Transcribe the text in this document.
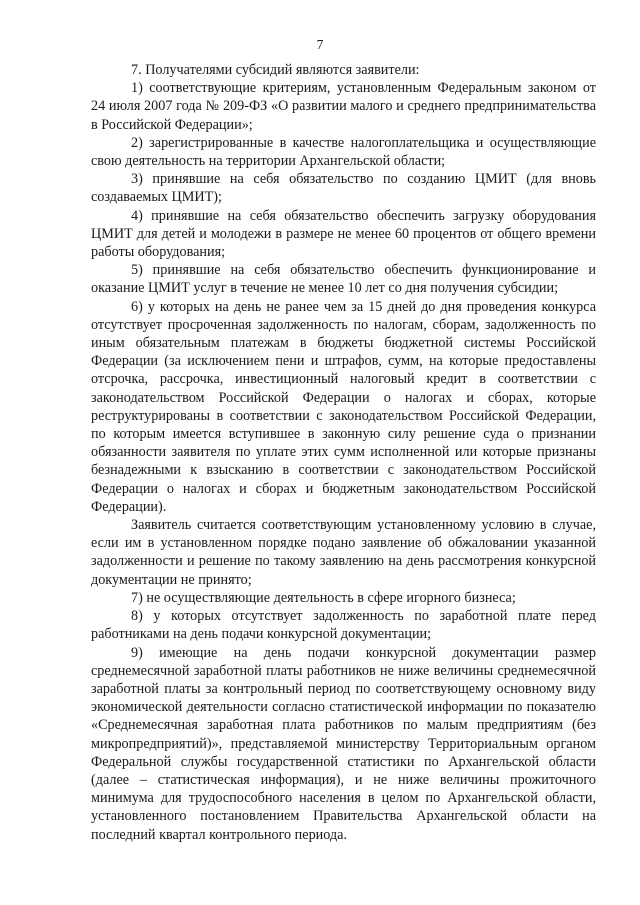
7

7. Получателями субсидий являются заявители:

1) соответствующие критериям, установленным Федеральным законом от 24 июля 2007 года № 209-ФЗ «О развитии малого и среднего предпринимательства в Российской Федерации»;

2) зарегистрированные в качестве налогоплательщика и осуществляющие свою деятельность на территории Архангельской области;

3) принявшие на себя обязательство по созданию ЦМИТ (для вновь создаваемых ЦМИТ);

4) принявшие на себя обязательство обеспечить загрузку оборудования ЦМИТ для детей и молодежи в размере не менее 60 процентов от общего времени работы оборудования;

5) принявшие на себя обязательство обеспечить функционирование и оказание ЦМИТ услуг в течение не менее 10 лет со дня получения субсидии;

6) у которых на день не ранее чем за 15 дней до дня проведения конкурса отсутствует просроченная задолженность по налогам, сборам, задолженность по иным обязательным платежам в бюджеты бюджетной системы Российской Федерации (за исключением пени и штрафов, сумм, на которые предоставлены отсрочка, рассрочка, инвестиционный налоговый кредит в соответствии с законодательством Российской Федерации о налогах и сборах, которые реструктурированы в соответствии с законодательством Российской Федерации, по которым имеется вступившее в законную силу решение суда о признании обязанности заявителя по уплате этих сумм исполненной или которые признаны безнадежными к взысканию в соответствии с законодательством Российской Федерации о налогах и сборах и бюджетным законодательством Российской Федерации).

Заявитель считается соответствующим установленному условию в случае, если им в установленном порядке подано заявление об обжаловании указанной задолженности и решение по такому заявлению на день рассмотрения конкурсной документации не принято;

7) не осуществляющие деятельность в сфере игорного бизнеса;

8) у которых отсутствует задолженность по заработной плате перед работниками на день подачи конкурсной документации;

9) имеющие на день подачи конкурсной документации размер среднемесячной заработной платы работников не ниже величины среднемесячной заработной платы за контрольный период по соответствующему основному виду экономической деятельности согласно статистической информации по показателю «Среднемесячная заработная плата работников по малым предприятиям (без микропредприятий)», представляемой министерству Территориальным органом Федеральной службы государственной статистики по Архангельской области (далее – статистическая информация), и не ниже величины прожиточного минимума для трудоспособного населения в целом по Архангельской области, установленного постановлением Правительства Архангельской области на последний квартал контрольного периода.
